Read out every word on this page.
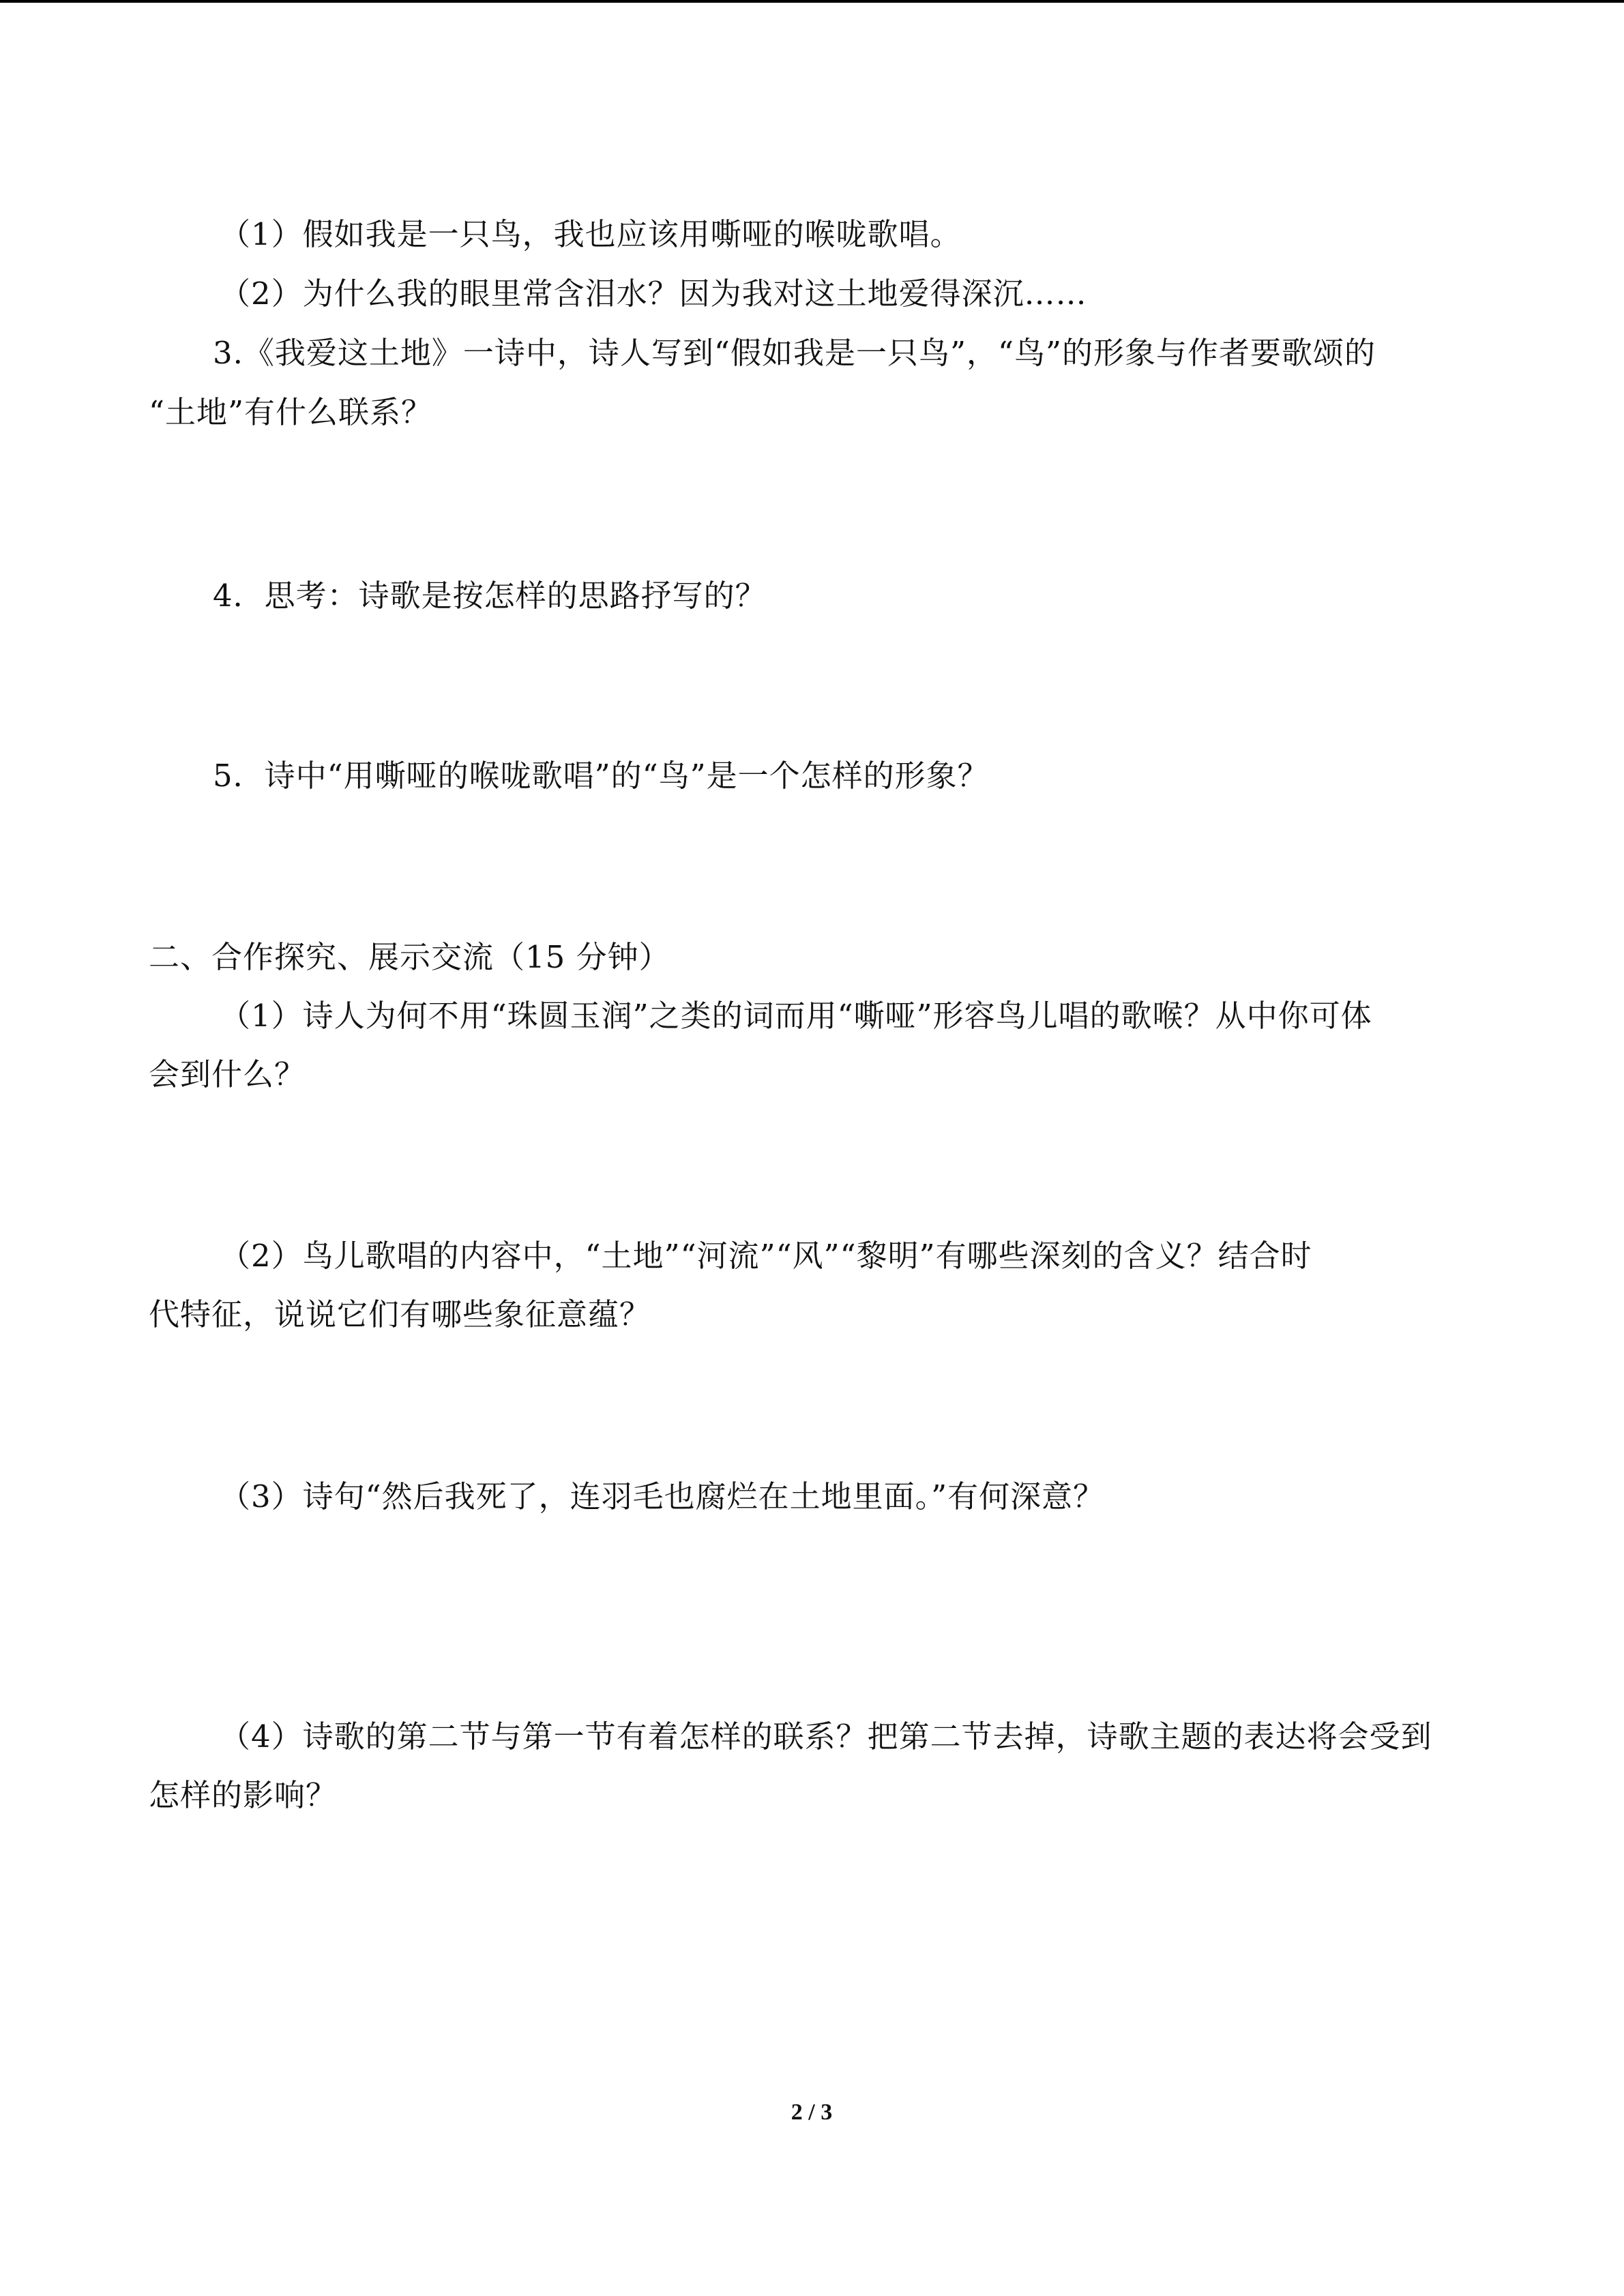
（1）假如我是一只鸟，我也应该用嘶哑的喉咙歌唱。
（2）为什么我的眼里常含泪水？因为我对这土地爱得深沉……
3.《我爱这土地》一诗中，诗人写到“假如我是一只鸟”，“鸟”的形象与作者要歌颂的
“土地”有什么联系？
4．思考：诗歌是按怎样的思路抒写的？
5．诗中“用嘶哑的喉咙歌唱”的“鸟”是一个怎样的形象？
二、合作探究、展示交流（15 分钟）
（1）诗人为何不用“珠圆玉润”之类的词而用“嘶哑”形容鸟儿唱的歌喉？从中你可体
会到什么？
（2）鸟儿歌唱的内容中，“土地”“河流”“风”“黎明”有哪些深刻的含义？结合时
代特征，说说它们有哪些象征意蕴？
（3）诗句“然后我死了，连羽毛也腐烂在土地里面。”有何深意？
（4）诗歌的第二节与第一节有着怎样的联系？把第二节去掉，诗歌主题的表达将会受到
怎样的影响？
2 / 3
